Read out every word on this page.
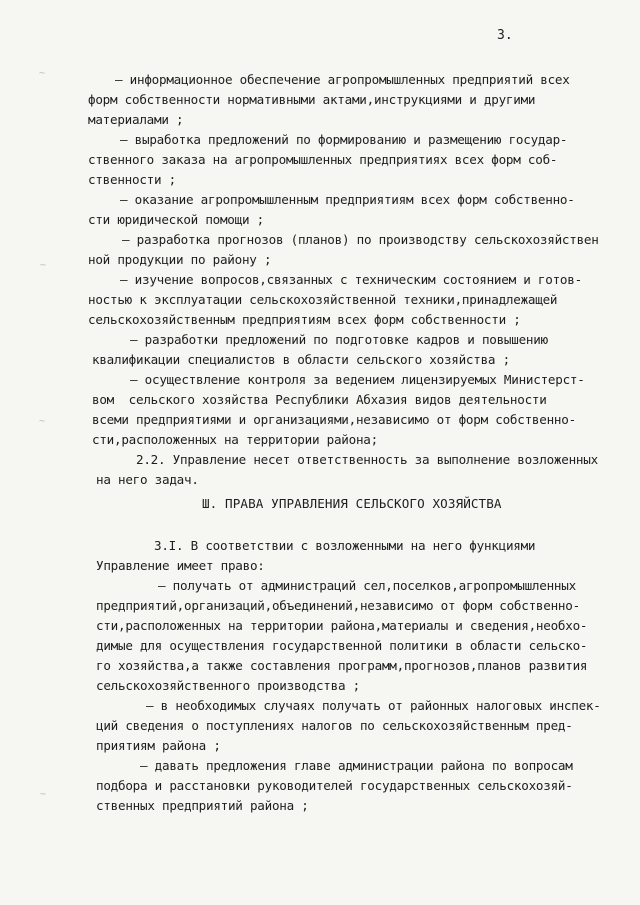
3.
~
~
~
~
– информационное обеспечение агропромышленных предприятий всех
форм собственности нормативными актами,инструкциями и другими
материалами ;
– выработка предложений по формированию и размещению государ-
ственного заказа на агропромышленных предприятиях всех форм соб-
ственности ;
– оказание агропромышленным предприятиям всех форм собственно-
сти юридической помощи ;
– разработка прогнозов (планов) по производству сельскохозяйствен
ной продукции по району ;
– изучение вопросов,связанных с техническим состоянием и готов-
ностью к эксплуатации сельскохозяйственной техники,принадлежащей
сельскохозяйственным предприятиям всех форм собственности ;
– разработки предложений по подготовке кадров и повышению
квалификации специалистов в области сельского хозяйства ;
– осуществление контроля за ведением лицензируемых Министерст-
вом  сельского хозяйства Республики Абхазия видов деятельности
всеми предприятиями и организациями,независимо от форм собственно-
сти,расположенных на территории района;
2.2. Управление несет ответственность за выполнение возложенных
на него задач.
Ш. ПРАВА УПРАВЛЕНИЯ СЕЛЬСКОГО ХОЗЯЙСТВА
3.I. В соответствии с возложенными на него функциями
Управление имеет право:
– получать от администраций сел,поселков,агропромышленных
предприятий,организаций,объединений,независимо от форм собственно-
сти,расположенных на территории района,материалы и сведения,необхо-
димые для осуществления государственной политики в области сельско-
го хозяйства,а также составления программ,прогнозов,планов развития
сельскохозяйственного производства ;
– в необходимых случаях получать от районных налоговых инспек-
ций сведения о поступлениях налогов по сельскохозяйственным пред-
приятиям района ;
– давать предложения главе администрации района по вопросам
подбора и расстановки руководителей государственных сельскохозяй-
ственных предприятий района ;
